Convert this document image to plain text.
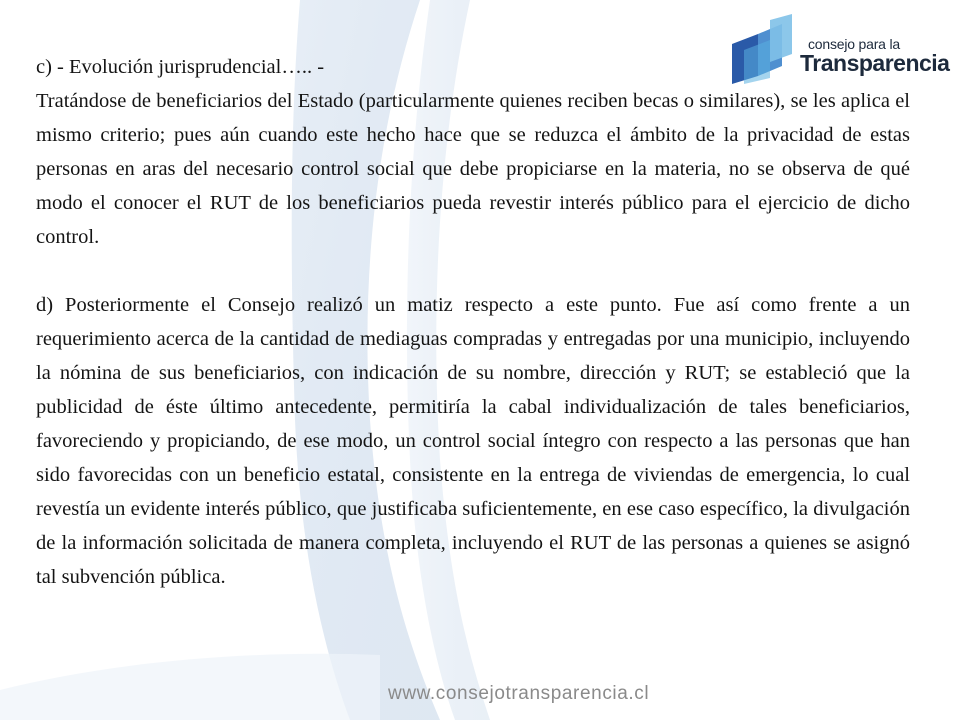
consejo para la
Transparencia

c) - Evolución jurisprudencial….. -

Tratándose de beneficiarios del Estado (particularmente quienes reciben becas o similares), se les aplica el mismo criterio; pues aún cuando este hecho hace que se reduzca el ámbito de la privacidad de estas personas en aras del necesario control social que debe propiciarse en la materia, no se observa de qué modo el conocer el RUT de los beneficiarios pueda revestir interés público para el ejercicio de dicho control.

d) Posteriormente el Consejo realizó un matiz respecto a este punto. Fue así como frente a un requerimiento acerca de la cantidad de mediaguas compradas y entregadas por una municipio, incluyendo la nómina de sus beneficiarios, con indicación de su nombre, dirección y RUT; se estableció que la publicidad de éste último antecedente, permitiría la cabal individualización de tales beneficiarios, favoreciendo y propiciando, de ese modo, un control social íntegro con respecto a las personas que han sido favorecidas con un beneficio estatal, consistente en la entrega de viviendas de emergencia, lo cual revestía un evidente interés público, que justificaba suficientemente, en ese caso específico, la divulgación de la información solicitada de manera completa, incluyendo el RUT de las personas a quienes se asignó tal subvención pública.

www.consejotransparencia.cl
